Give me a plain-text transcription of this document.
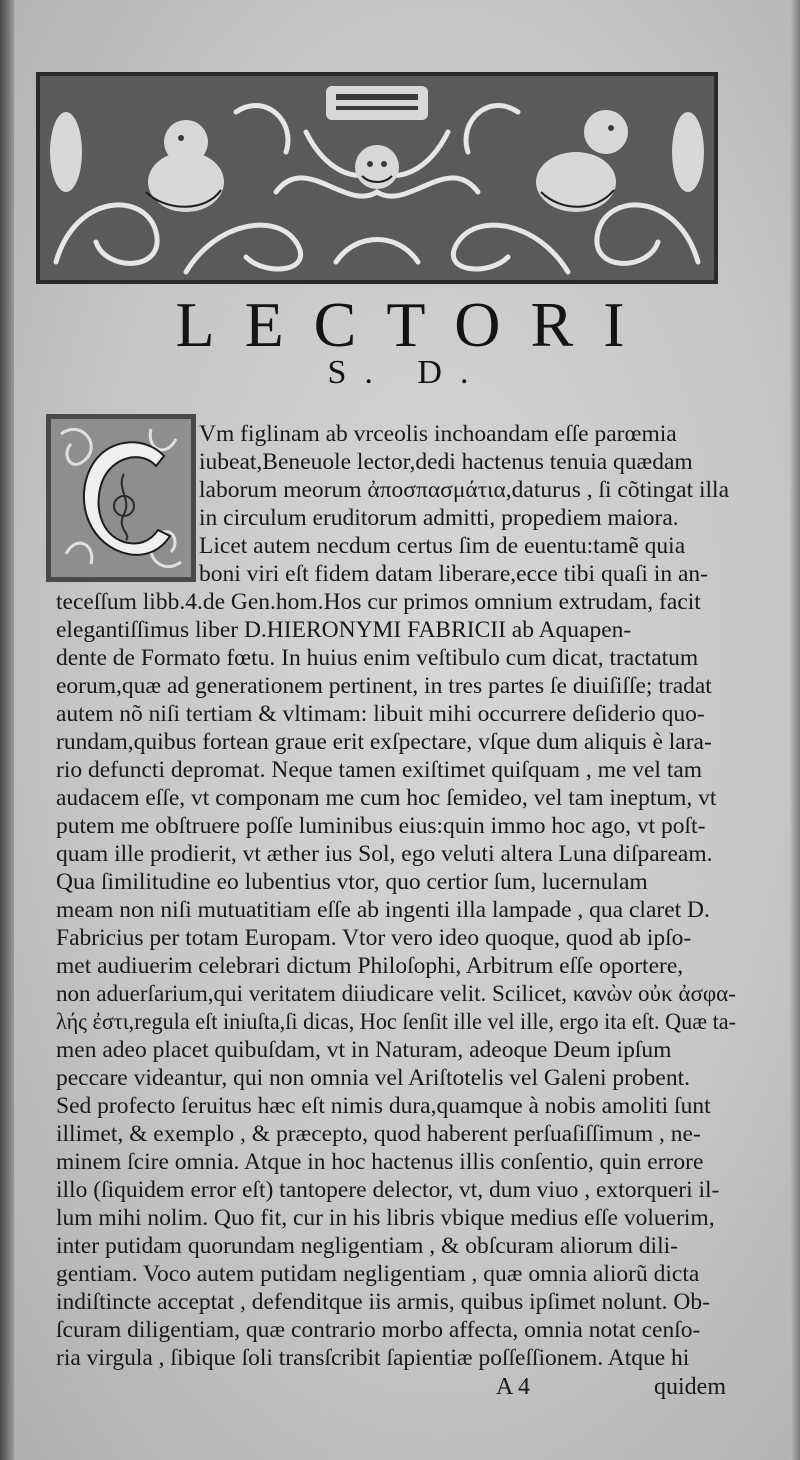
LECTORI
S. D.
Vm figlinam ab vrceolis inchoandam eſſe parœmia
iubeat,Beneuole lector,dedi hactenus tenuia quædam
laborum meorum ἀποσπασμάτια,daturus , ſi cõtingat illa
in circulum eruditorum admitti, propediem maiora.
Licet autem necdum certus ſim de euentu:tamẽ quia
boni viri eſt fidem datam liberare,ecce tibi quaſi in an-
teceſſum libb.4.de Gen.hom.Hos cur primos omnium extrudam, facit
elegantiſſimus liber D.HIERONYMI FABRICII ab Aquapen-
dente de Formato fœtu. In huius enim veſtibulo cum dicat, tractatum
eorum,quæ ad generationem pertinent, in tres partes ſe diuiſiſſe; tradat
autem nõ niſi tertiam & vltimam: libuit mihi occurrere deſiderio quo-
rundam,quibus fortean graue erit exſpectare, vſque dum aliquis è lara-
rio defuncti depromat. Neque tamen exiſtimet quiſquam , me vel tam
audacem eſſe, vt componam me cum hoc ſemideo, vel tam ineptum, vt
putem me obſtruere poſſe luminibus eius:quin immo hoc ago, vt poſt-
quam ille prodierit, vt æther ius Sol, ego veluti altera Luna diſpaream.
Qua ſimilitudine eo lubentius vtor, quo certior ſum, lucernulam
meam non niſi mutuatitiam eſſe ab ingenti illa lampade , qua claret D.
Fabricius per totam Europam. Vtor vero ideo quoque, quod ab ipſo-
met audiuerim celebrari dictum Philoſophi, Arbitrum eſſe oportere,
non aduerſarium,qui veritatem diiudicare velit. Scilicet, κανὼν οὐκ ἀσφα-
λής ἐστι,regula eſt iniuſta,ſi dicas, Hoc ſenſit ille vel ille, ergo ita eſt. Quæ ta-
men adeo placet quibuſdam, vt in Naturam, adeoque Deum ipſum
peccare videantur, qui non omnia vel Ariſtotelis vel Galeni probent.
Sed profecto ſeruitus hæc eſt nimis dura,quamque à nobis amoliti ſunt
illimet, & exemplo , & præcepto, quod haberent perſuaſiſſimum , ne-
minem ſcire omnia. Atque in hoc hactenus illis conſentio, quin errore
illo (ſiquidem error eſt) tantopere delector, vt, dum viuo , extorqueri il-
lum mihi nolim. Quo fit, cur in his libris vbique medius eſſe voluerim,
inter putidam quorundam negligentiam , & obſcuram aliorum dili-
gentiam. Voco autem putidam negligentiam , quæ omnia aliorũ dicta
indiſtincte acceptat , defenditque iis armis, quibus ipſimet nolunt. Ob-
ſcuram diligentiam, quæ contrario morbo affecta, omnia notat cenſo-
ria virgula , ſibique ſoli transſcribit ſapientiæ poſſeſſionem. Atque hi
A 4	quidem
